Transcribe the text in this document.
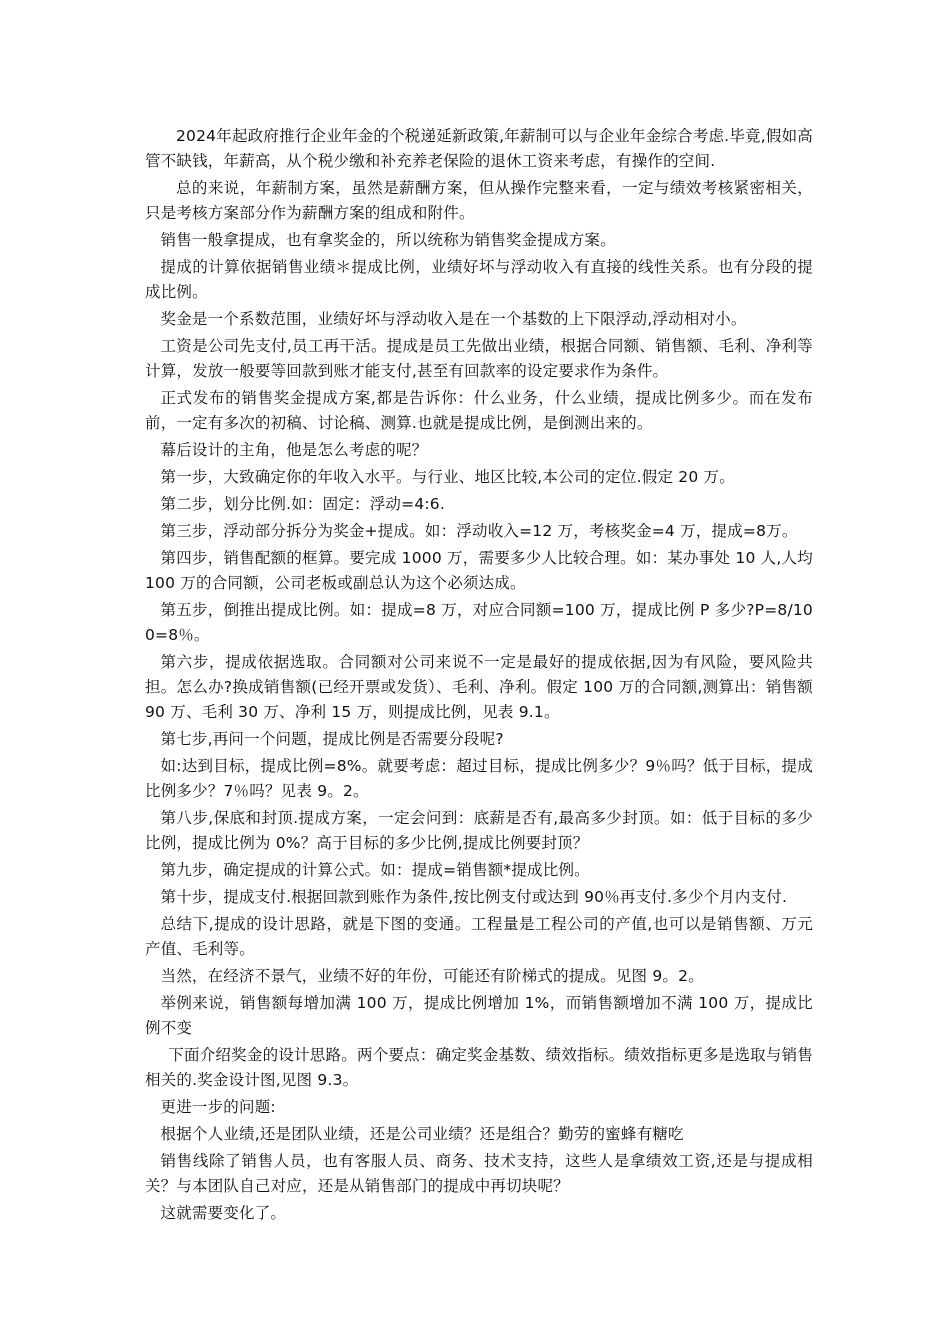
2024年起政府推行企业年金的个税递延新政策,年薪制可以与企业年金综合考虑.毕竟,假如高管不缺钱，年薪高，从个税少缴和补充养老保险的退休工资来考虑，有操作的空间.

总的来说，年薪制方案，虽然是薪酬方案，但从操作完整来看，一定与绩效考核紧密相关，只是考核方案部分作为薪酬方案的组成和附件。

销售一般拿提成，也有拿奖金的，所以统称为销售奖金提成方案。

提成的计算依据销售业绩＊提成比例，业绩好坏与浮动收入有直接的线性关系。也有分段的提成比例。

奖金是一个系数范围，业绩好坏与浮动收入是在一个基数的上下限浮动,浮动相对小。

工资是公司先支付,员工再干活。提成是员工先做出业绩，根据合同额、销售额、毛利、净利等计算，发放一般要等回款到账才能支付,甚至有回款率的设定要求作为条件。

正式发布的销售奖金提成方案,都是告诉你：什么业务，什么业绩，提成比例多少。而在发布前，一定有多次的初稿、讨论稿、测算.也就是提成比例，是倒测出来的。

幕后设计的主角，他是怎么考虑的呢？

第一步，大致确定你的年收入水平。与行业、地区比较,本公司的定位.假定 20 万。

第二步，划分比例.如：固定：浮动=4:6.

第三步，浮动部分拆分为奖金+提成。如：浮动收入=12 万，考核奖金=4 万，提成=8万。

第四步，销售配额的框算。要完成 1000 万，需要多少人比较合理。如：某办事处 10 人,人均 100 万的合同额，公司老板或副总认为这个必须达成。

第五步，倒推出提成比例。如：提成=8 万，对应合同额=100 万，提成比例 P 多少?P=8/100=8％。

第六步，提成依据选取。合同额对公司来说不一定是最好的提成依据,因为有风险，要风险共担。怎么办?换成销售额(已经开票或发货）、毛利、净利。假定 100 万的合同额,测算出：销售额 90 万、毛利 30 万、净利 15 万，则提成比例，见表 9.1。

第七步,再问一个问题，提成比例是否需要分段呢?

如:达到目标，提成比例=8%。就要考虑：超过目标，提成比例多少？9％吗？低于目标，提成比例多少？7％吗？见表 9。2。

第八步,保底和封顶.提成方案，一定会问到：底薪是否有,最高多少封顶。如：低于目标的多少比例，提成比例为 0%？高于目标的多少比例,提成比例要封顶？

第九步，确定提成的计算公式。如：提成=销售额*提成比例。

第十步，提成支付.根据回款到账作为条件,按比例支付或达到 90％再支付.多少个月内支付.

总结下,提成的设计思路，就是下图的变通。工程量是工程公司的产值,也可以是销售额、万元产值、毛利等。

当然，在经济不景气，业绩不好的年份，可能还有阶梯式的提成。见图 9。2。

举例来说，销售额每增加满 100 万，提成比例增加 1%，而销售额增加不满 100 万，提成比例不变

下面介绍奖金的设计思路。两个要点：确定奖金基数、绩效指标。绩效指标更多是选取与销售相关的.奖金设计图,见图 9.3。

更进一步的问题:

根据个人业绩,还是团队业绩，还是公司业绩？还是组合？勤劳的蜜蜂有糖吃

销售线除了销售人员，也有客服人员、商务、技术支持，这些人是拿绩效工资,还是与提成相关？与本团队自己对应，还是从销售部门的提成中再切块呢？

这就需要变化了。
